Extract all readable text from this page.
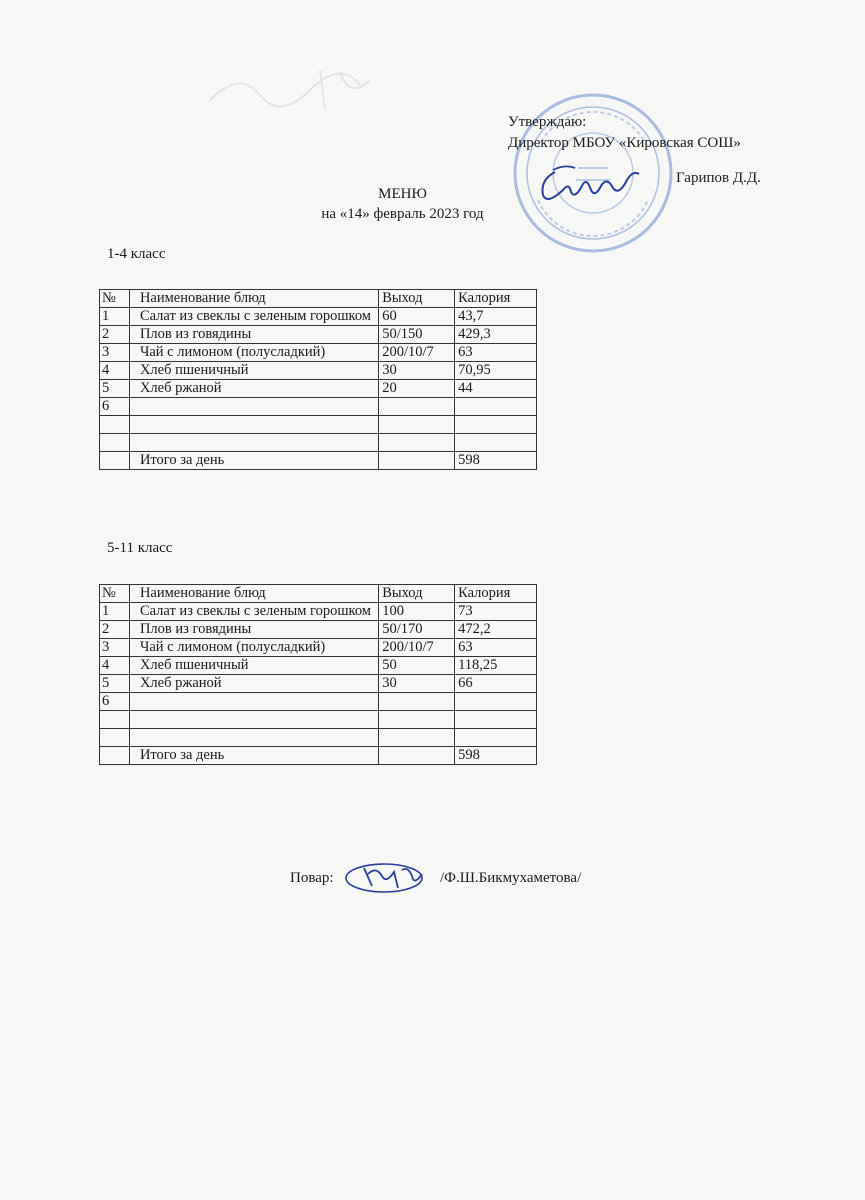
Утверждаю:
Директор МБОУ «Кировская СОШ»
Гарипов Д.Д.
МЕНЮ
на «14» февраль 2023 год
1-4 класс
№	Наименование блюд	Выход	Калория
1	Салат из свеклы с зеленым горошком	60	43,7
2	Плов из говядины	50/150	429,3
3	Чай с лимоном (полусладкий)	200/10/7	63
4	Хлеб пшеничный	30	70,95
5	Хлеб ржаной	20	44
6			

	Итого за день		598
5-11 класс
№	Наименование блюд	Выход	Калория
1	Салат из свеклы с зеленым горошком	100	73
2	Плов из говядины	50/170	472,2
3	Чай с лимоном (полусладкий)	200/10/7	63
4	Хлеб пшеничный	50	118,25
5	Хлеб ржаной	30	66
6			

	Итого за день		598
Повар:	/Ф.Ш.Бикмухаметова/
